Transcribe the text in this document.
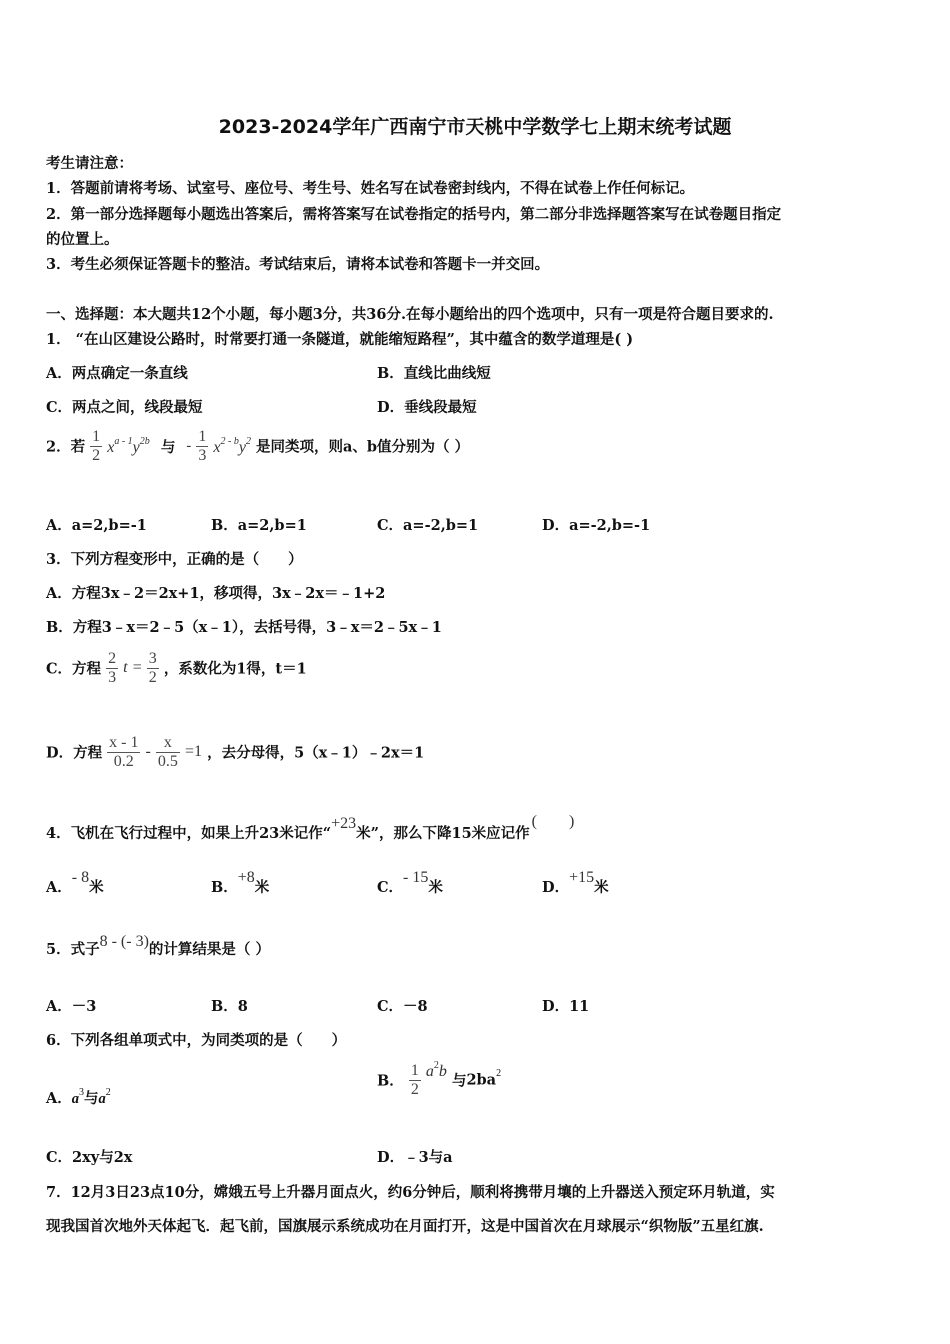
2023-2024学年广西南宁市天桃中学数学七上期末统考试题
考生请注意：
1．答题前请将考场、试室号、座位号、考生号、姓名写在试卷密封线内，不得在试卷上作任何标记。
2．第一部分选择题每小题选出答案后，需将答案写在试卷指定的括号内，第二部分非选择题答案写在试卷题目指定
的位置上。
3．考生必须保证答题卡的整洁。考试结束后，请将本试卷和答题卡一并交回。
一、选择题：本大题共12个小题，每小题3分，共36分.在每小题给出的四个选项中，只有一项是符合题目要求的.
1． “在山区建设公路时，时常要打通一条隧道，就能缩短路程”，其中蕴含的数学道理是( )
A．两点确定一条直线	B．直线比曲线短
C．两点之间，线段最短	D．垂线段最短
2．若 $\frac{1}{2} x^{a - 1}y^{2b}$ 与 - $\frac{1}{3} x^{2 - b}y^2$ 是同类项，则a、b值分别为（ ）
A．a=2,b=-1	B．a=2,b=1	C．a=-2,b=1	D．a=-2,b=-1
3．下列方程变形中，正确的是（　　）
A．方程3x﹣2＝2x+1，移项得，3x﹣2x＝﹣1+2
B．方程3﹣x＝2﹣5（x﹣1），去括号得，3﹣x＝2﹣5x﹣1
C．方程 $\frac{2}{3}$ $t = \frac{3}{2}$ ，系数化为1得，t＝1
D．方程 $\frac{x - 1}{0.2} - \frac{x}{0.5} =1$ ，去分母得，5（x﹣1）﹣2x＝1
4．飞机在飞行过程中，如果上升23米记作“+23米”，那么下降15米应记作(　　)
A．- 8米	B．+8米	C．- 15米	D．+15米
5．式子8 - (- 3)的计算结果是（ ）
A．－3	B．8	C．－8	D．11
6．下列各组单项式中，为同类项的是（　　）
A．$a^3$与$a^2$
B． $\frac{1}{2} a^2b$ 与$2ba^2$
C．2xy与2x	D．﹣3与a
7．12月3日23点10分，嫦娥五号上升器月面点火，约6分钟后，顺利将携带月壤的上升器送入预定环月轨道，实
现我国首次地外天体起飞．起飞前，国旗展示系统成功在月面打开，这是中国首次在月球展示“织物版”五星红旗.
